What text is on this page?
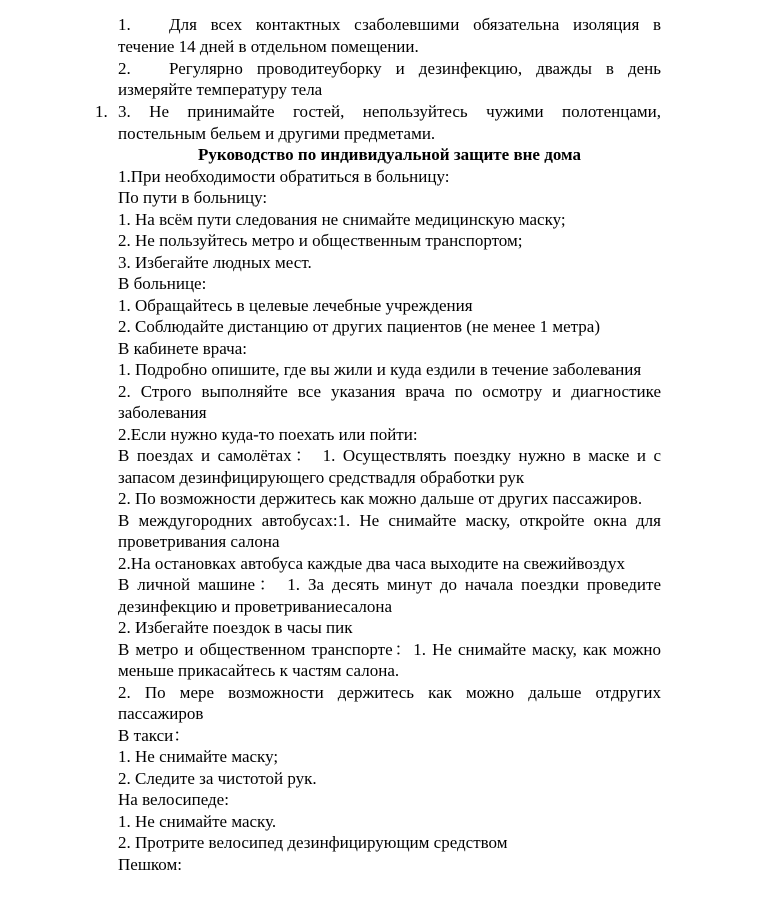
1. Для всех контактных сзаболевшими обязательна изоляция в течение 14 дней в отдельном помещении.

2. Регулярно проводитеуборку и дезинфекцию, дважды в день измеряйте температуру тела

1. 3. Не принимайте гостей, непользуйтесь чужими полотенцами, постельным бельем и другими предметами.

Руководство по индивидуальной защите вне дома

1.При необходимости обратиться в больницу:

По пути в больницу:

1. На всём пути следования не снимайте медицинскую маску;

2. Не пользуйтесь метро и общественным транспортом;

3. Избегайте людных мест.

В больнице:

1. Обращайтесь в целевые лечебные учреждения

2. Соблюдайте дистанцию от других пациентов (не менее 1 метра)

В кабинете врача:

1. Подробно опишите, где вы жили и куда ездили в течение заболевания

2. Строго выполняйте все указания врача по осмотру и диагностике заболевания

2.Если нужно куда-то поехать или пойти:

В поездах и самолётах： 1. Осуществлять поездку нужно в маске и с запасом дезинфицирующего средствадля обработки рук

2. По возможности держитесь как можно дальше от других пассажиров.

В междугородних автобусах:1. Не снимайте маску, откройте окна для проветривания салона

2.На остановках автобуса каждые два часа выходите на свежийвоздух

В личной машине： 1. За десять минут до начала поездки проведите дезинфекцию и проветриваниесалона

2. Избегайте поездок в часы пик

В метро и общественном транспорте：1. Не снимайте маску, как можно меньше прикасайтесь к частям салона.

2. По мере возможности держитесь как можно дальше отдругих пассажиров

В такси：

1. Не снимайте маску;

2. Следите за чистотой рук.

На велосипеде:

1. Не снимайте маску.

2. Протрите велосипед дезинфицирующим средством

Пешком:
